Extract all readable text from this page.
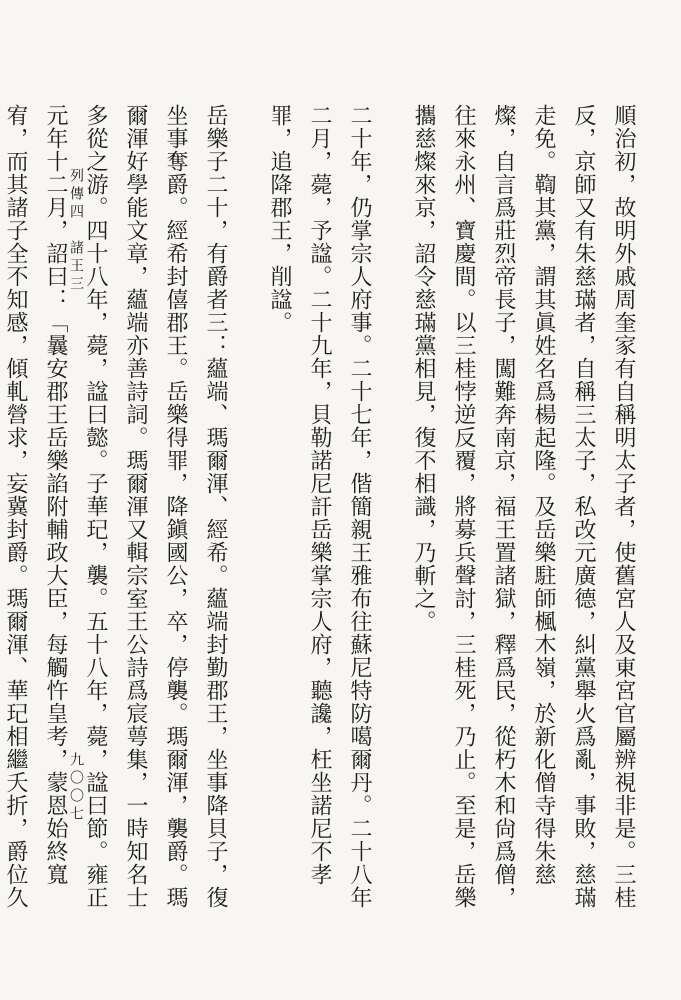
列傳四　諸王三
九〇〇七	順治初，故明外戚周奎家有自稱明太子者，使舊宮人及東宮官屬辨視非是。三桂反，京師又有朱慈璊者，自稱三太子，私改元廣德，糾黨舉火爲亂，事敗，慈璊走免。鞫其黨，謂其眞姓名爲楊起隆。及岳樂駐師楓木嶺，於新化僧寺得朱慈燦，自言爲莊烈帝長子，闖難奔南京，福王置諸獄，釋爲民，從朽木和尙爲僧，往來永州、寶慶間。以三桂悖逆反覆，將募兵聲討，三桂死，乃止。至是，岳樂攜慈燦來京，詔令慈璊黨相見，復不相識，乃斬之。

二十年，仍掌宗人府事。二十七年，偕簡親王雅布往蘇尼特防噶爾丹。二十八年二月，薨，予諡。二十九年，貝勒諾尼訐岳樂掌宗人府，聽讒，枉坐諾尼不孝罪，追降郡王，削諡。

岳樂子二十，有爵者三：蘊端、瑪爾渾、經希。蘊端封勤郡王，坐事降貝子，復坐事奪爵。經希封僖郡王。岳樂得罪，降鎭國公，卒，停襲。瑪爾渾，襲爵。瑪爾渾好學能文章，蘊端亦善詩詞。瑪爾渾又輯宗室王公詩爲宸萼集，一時知名士多從之游。四十八年，薨，諡曰懿。子華玘，襲。五十八年，薨，諡曰節。雍正元年十二月，詔曰：「曩安郡王岳樂諂附輔政大臣，每觸忤皇考，蒙恩始終寬宥，而其諸子全不知感，傾軋營求，妄冀封爵。瑪爾渾、華玘相繼夭折，爵位久
